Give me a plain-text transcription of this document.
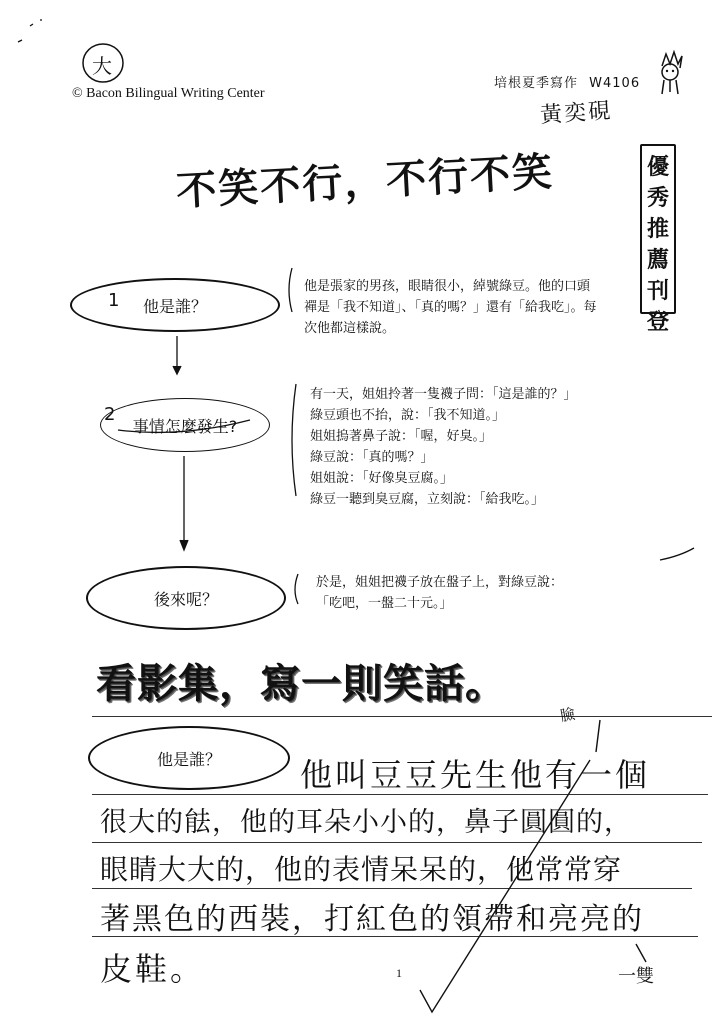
大
© Bacon Bilingual Writing Center
培根夏季寫作 W4106
黃奕硯
不笑不行，不行不笑	優
秀
推
薦
刊
登
他是誰？
1
事情怎麼發生?
2
後來呢？
他是張家的男孩，眼睛很小，綽號綠豆。他的口頭
禪是「我不知道」、「真的嗎？」還有「給我吃」。每
次他都這樣說。
有一天，姐姐拎著一隻襪子問：「這是誰的？」
綠豆頭也不抬，說：「我不知道。」
姐姐摀著鼻子說：「喔，好臭。」
綠豆說：「真的嗎？」
姐姐說：「好像臭豆腐。」
綠豆一聽到臭豆腐，立刻說：「給我吃。」
於是，姐姐把襪子放在盤子上，對綠豆說：
「吃吧，一盤二十元。」
看影集，寫一則笑話。
他是誰？ 他叫豆豆先生他有一個
很大的䏻，他的耳朵小小的，鼻子圓圓的，
眼睛大大的，他的表情呆呆的，他常常穿
著黑色的西裝，打紅色的領帶和亮亮的
皮鞋。
臉
一雙
1
